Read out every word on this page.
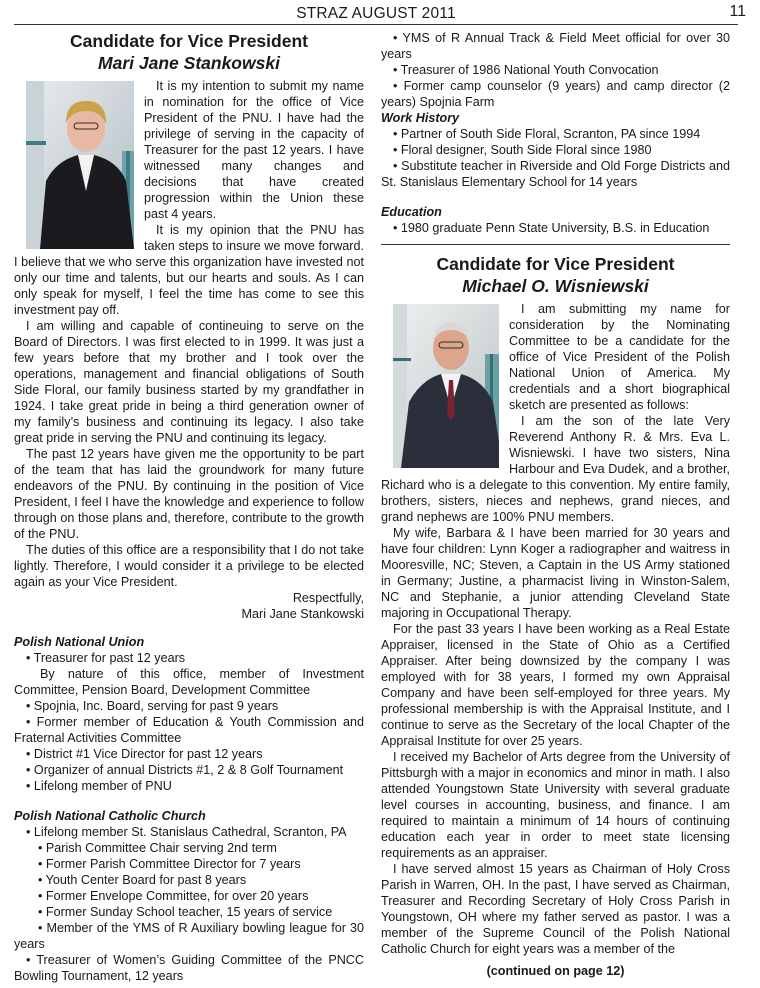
STRAZ AUGUST 2011	11
Candidate for Vice President
Mari Jane Stankowski

It is my intention to submit my name in nomination for the office of Vice President of the PNU. I have had the privilege of serving in the capacity of Treasurer for the past 12 years. I have witnessed many changes and decisions that have created progression within the Union these past 4 years.

It is my opinion that the PNU has taken steps to insure we move forward. I believe that we who serve this organization have invested not only our time and talents, but our hearts and souls. As I can only speak for myself, I feel the time has come to see this investment pay off.

I am willing and capable of contineuing to serve on the Board of Directors. I was first elected to in 1999. It was just a few years before that my brother and I took over the operations, management and financial obligations of South Side Floral, our family business started by my grandfather in 1924. I take great pride in being a third generation owner of my family’s business and continuing its legacy. I also take great pride in serving the PNU and continuing its legacy.

The past 12 years have given me the opportunity to be part of the team that has laid the groundwork for many future endeavors of the PNU. By continuing in the position of Vice President, I feel I have the knowledge and experience to follow through on those plans and, therefore, contribute to the growth of the PNU.

The duties of this office are a responsibility that I do not take lightly. Therefore, I would consider it a privilege to be elected again as your Vice President.

Respectfully,

Mari Jane Stankowski

Polish National Union
• Treasurer for past 12 years
By nature of this office, member of Investment Committee, Pension Board, Development Committee
• Spojnia, Inc. Board, serving for past 9 years
• Former member of Education & Youth Commission and Fraternal Activities Committee
• District #1 Vice Director for past 12 years
• Organizer of annual Districts #1, 2 & 8 Golf Tournament
• Lifelong member of PNU
Polish National Catholic Church
• Lifelong member St. Stanislaus Cathedral, Scranton, PA
• Parish Committee Chair serving 2nd term
• Former Parish Committee Director for 7 years
• Youth Center Board for past 8 years
• Former Envelope Committee, for over 20 years
• Former Sunday School teacher, 15 years of service
• Member of the YMS of R Auxiliary bowling league for 30 years
• Treasurer of Women’s Guiding Committee of the PNCC Bowling Tournament, 12 years
• YMS of R Annual Track & Field Meet official for over 30 years
• Treasurer of 1986 National Youth Convocation
• Former camp counselor (9 years) and camp director (2 years) Spojnia Farm
Work History
• Partner of South Side Floral, Scranton, PA since 1994
• Floral designer, South Side Floral since 1980
• Substitute teacher in Riverside and Old Forge Districts and St. Stanislaus Elementary School for 14 years
Education
• 1980 graduate Penn State University, B.S. in Education
Candidate for Vice President
Michael O. Wisniewski

I am submitting my name for consideration by the Nominating Committee to be a candidate for the office of Vice President of the Polish National Union of America. My credentials and a short biographical sketch are presented as follows:

I am the son of the late Very Reverend Anthony R. & Mrs. Eva L. Wisniewski. I have two sisters, Nina Harbour and Eva Dudek, and a brother, Richard who is a delegate to this convention. My entire family, brothers, sisters, nieces and nephews, grand nieces, and grand nephews are 100% PNU members.

My wife, Barbara & I have been married for 30 years and have four children: Lynn Koger a radiographer and waitress in Mooresville, NC; Steven, a Captain in the US Army stationed in Germany; Justine, a pharmacist living in Winston-Salem, NC and Stephanie, a junior attending Cleveland State majoring in Occupational Therapy.

For the past 33 years I have been working as a Real Estate Appraiser, licensed in the State of Ohio as a Certified Appraiser. After being downsized by the company I was employed with for 38 years, I formed my own Appraisal Company and have been self-employed for three years. My professional membership is with the Appraisal Institute, and I continue to serve as the Secretary of the local Chapter of the Appraisal Institute for over 25 years.

I received my Bachelor of Arts degree from the University of Pittsburgh with a major in economics and minor in math. I also attended Youngstown State University with several graduate level courses in accounting, business, and finance. I am required to maintain a minimum of 14 hours of continuing education each year in order to meet state licensing requirements as an appraiser.

I have served almost 15 years as Chairman of Holy Cross Parish in Warren, OH. In the past, I have served as Chairman, Treasurer and Recording Secretary of Holy Cross Parish in Youngstown, OH where my father served as pastor. I was a member of the Supreme Council of the Polish National Catholic Church for eight years was a member of the

(continued on page 12)
